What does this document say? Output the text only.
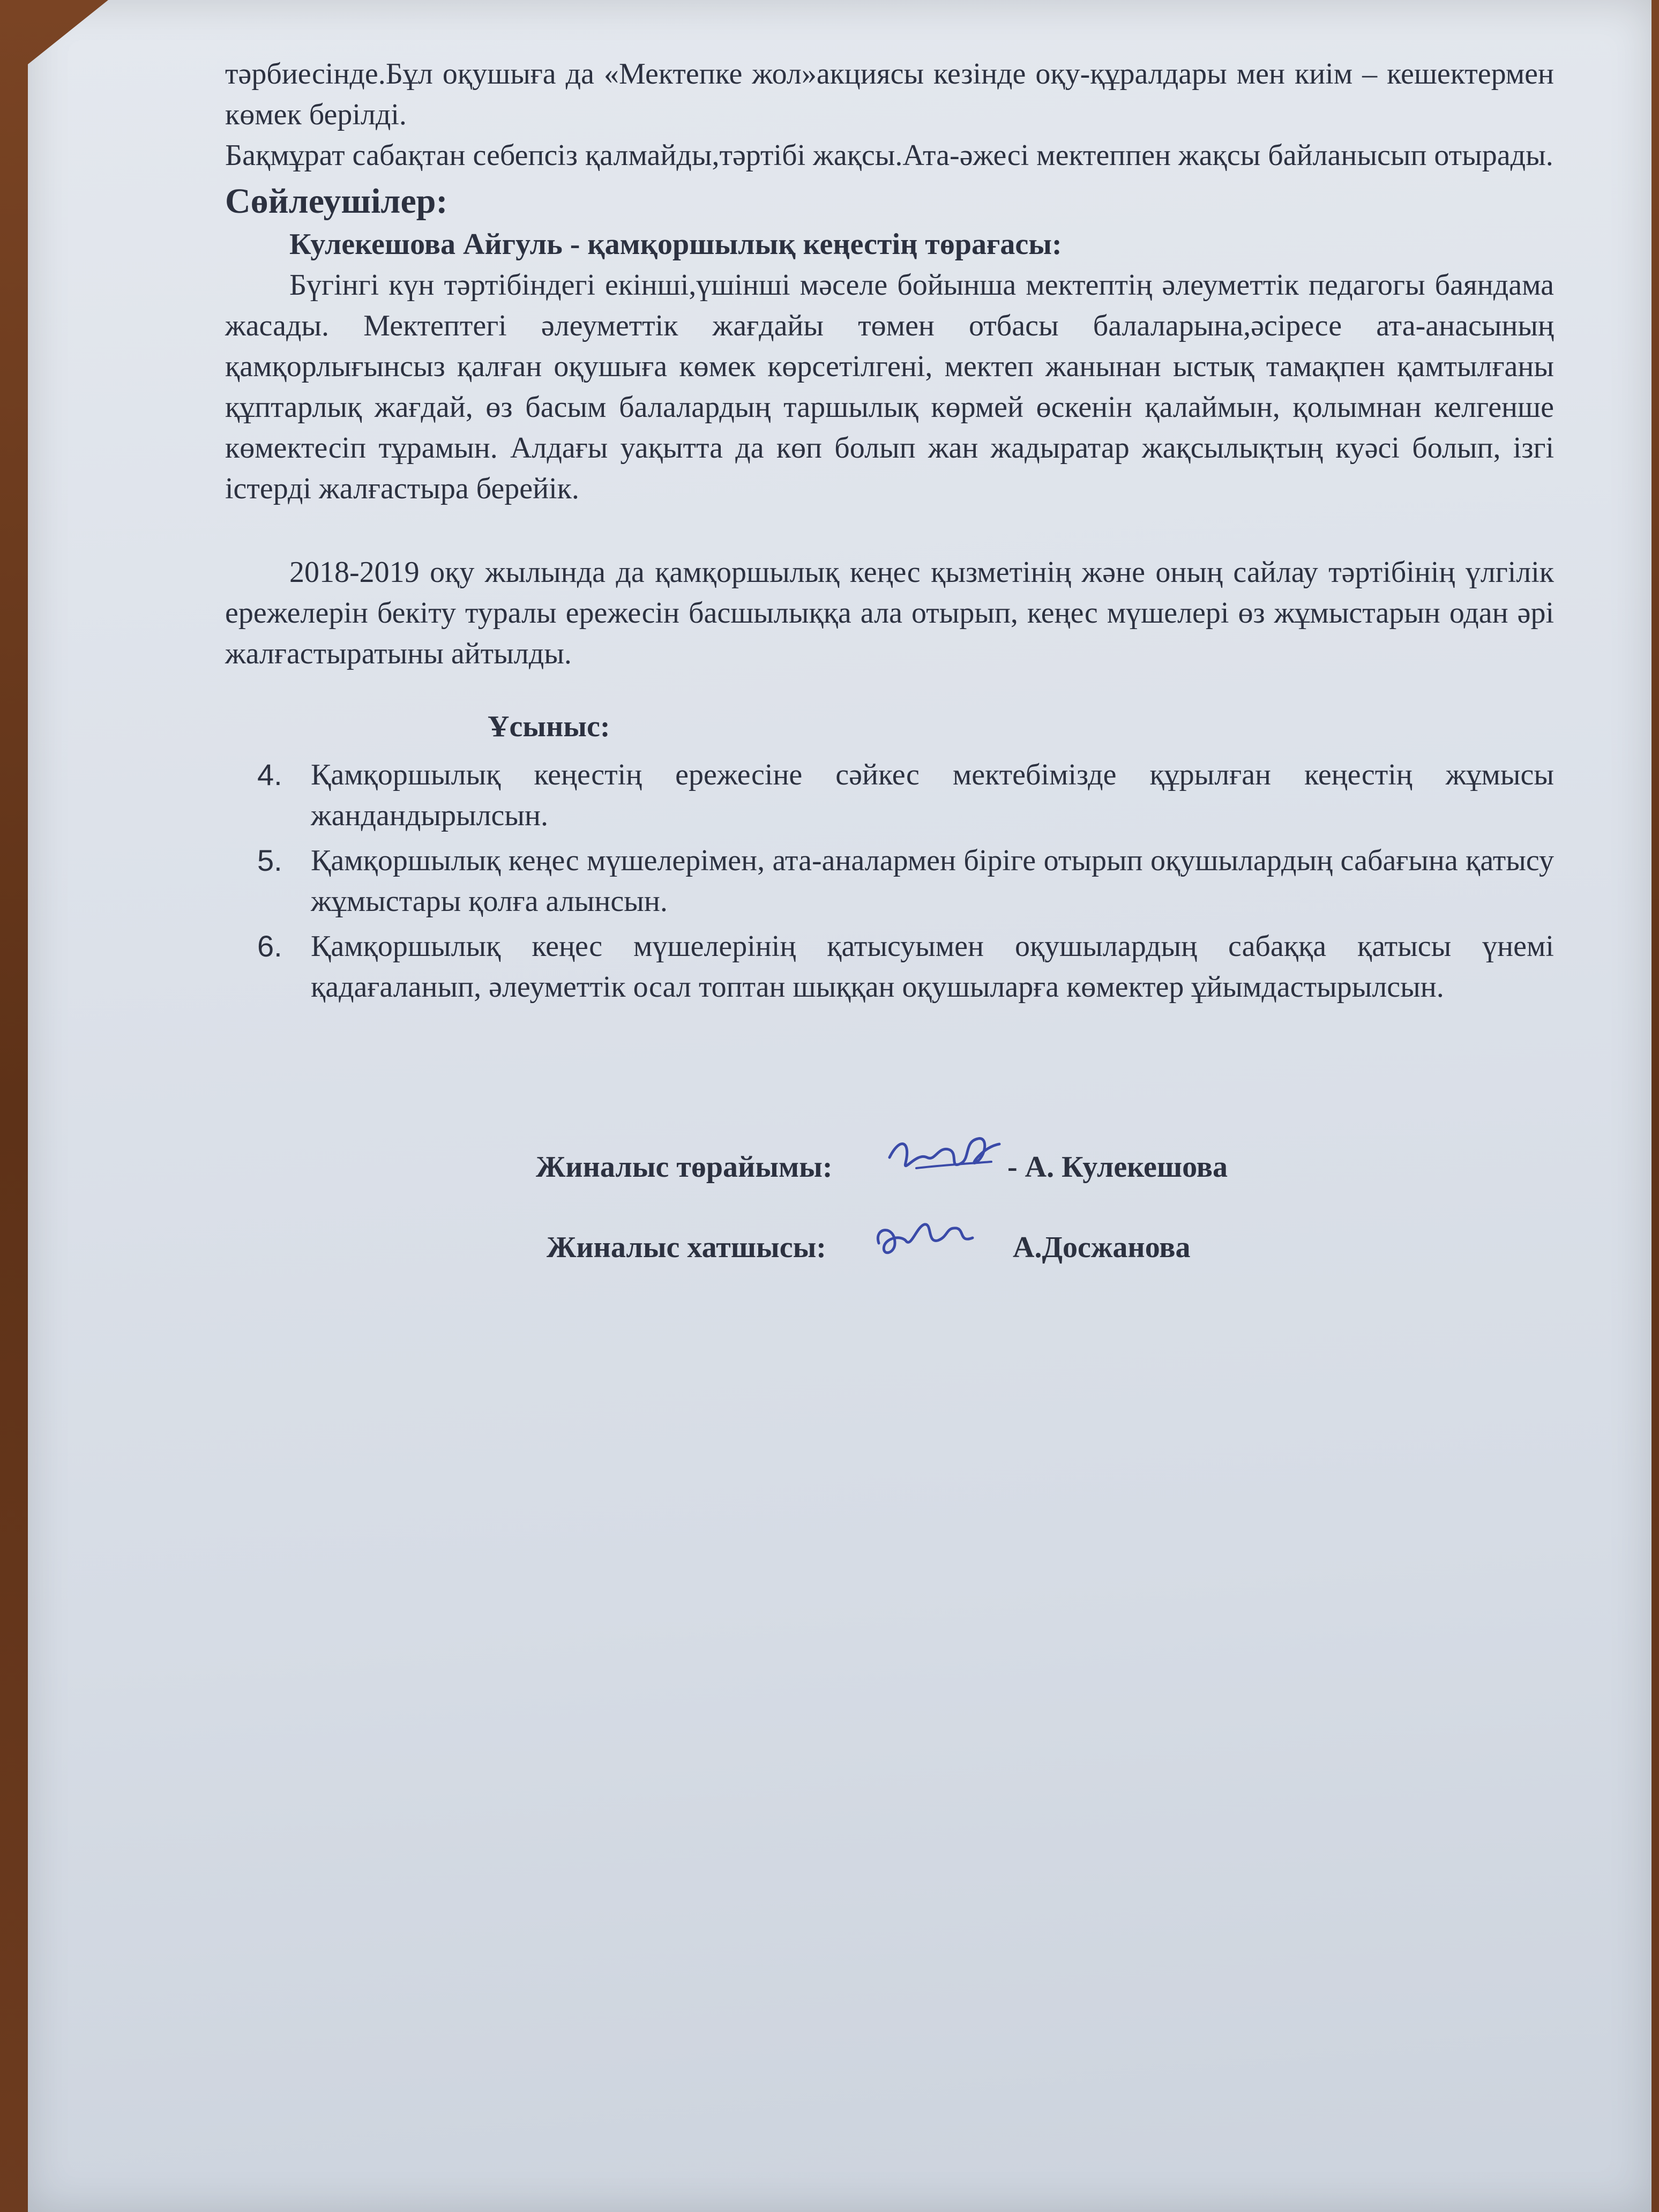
тәрбиесінде.Бұл оқушыға да «Мектепке жол»акциясы кезінде оқу-құралдары мен киім – кешектермен көмек берілді.

Бақмұрат сабақтан себепсіз қалмайды,тәртібі жақсы.Ата-әжесі мектеппен жақсы байланысып отырады.

Сөйлеушілер:
Кулекешова Айгуль - қамқоршылық кеңестің төрағасы:

Бүгінгі күн тәртібіндегі екінші,үшінші мәселе бойынша мектептің әлеуметтік педагогы баяндама жасады. Мектептегі әлеуметтік жағдайы төмен отбасы балаларына,әсіресе ата-анасының қамқорлығынсыз қалған оқушыға көмек көрсетілгені, мектеп жанынан ыстық тамақпен қамтылғаны құптарлық жағдай, өз басым балалардың таршылық көрмей өскенін қалаймын, қолымнан келгенше көмектесіп тұрамын. Алдағы уақытта да көп болып жан жадыратар жақсылықтың куәсі болып, ізгі істерді жалғастыра берейік.

2018-2019 оқу жылында да қамқоршылық кеңес қызметінің және оның сайлау тәртібінің үлгілік ережелерін бекіту туралы ережесін басшылыққа ала отырып, кеңес мүшелері өз жұмыстарын одан әрі жалғастыратыны айтылды.

Ұсыныс:
4. Қамқоршылық кеңестің ережесіне сәйкес мектебімізде құрылған кеңестің жұмысы жандандырылсын.
5. Қамқоршылық кеңес мүшелерімен, ата-аналармен біріге отырып оқушылардың сабағына қатысу жұмыстары қолға алынсын.
6. Қамқоршылық кеңес мүшелерінің қатысуымен оқушылардың сабаққа қатысы үнемі қадағаланып, әлеуметтік осал топтан шыққан оқушыларға көмектер ұйымдастырылсын.
Жиналыс төрайымы:	- А. Кулекешова
Жиналыс хатшысы:	А.Досжанова
